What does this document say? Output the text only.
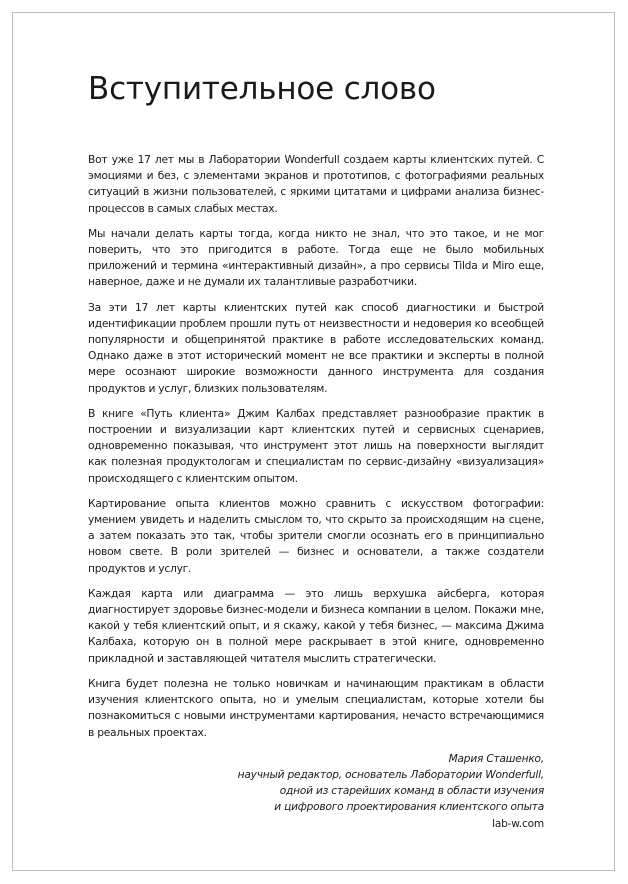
Вступительное слово

Вот уже 17 лет мы в Лаборатории Wonderfull создаем карты клиентских путей. С эмоциями и без, с элементами экранов и прототипов, с фотографиями реальных ситуаций в жизни пользователей, с яркими цитатами и цифрами анализа бизнес-процессов в самых слабых местах.

Мы начали делать карты тогда, когда никто не знал, что это такое, и не мог поверить, что это пригодится в работе. Тогда еще не было мобильных приложений и термина «интерактивный дизайн», а про сервисы Tilda и Miro еще, наверное, даже и не думали их талантливые разработчики.

За эти 17 лет карты клиентских путей как способ диагностики и быстрой идентификации проблем прошли путь от неизвестности и недоверия ко всеобщей популярности и общепринятой практике в работе исследовательских команд. Однако даже в этот исторический момент не все практики и эксперты в полной мере осознают широкие возможности данного инструмента для создания продуктов и услуг, близких пользователям.

В книге «Путь клиента» Джим Калбах представляет разнообразие практик в построении и визуализации карт клиентских путей и сервисных сценариев, одновременно показывая, что инструмент этот лишь на поверхности выглядит как полезная продуктологам и специалистам по сервис-дизайну «визуализация» происходящего с клиентским опытом.

Картирование опыта клиентов можно сравнить с искусством фотографии: умением увидеть и наделить смыслом то, что скрыто за происходящим на сцене, а затем показать это так, чтобы зрители смогли осознать его в принципиально новом свете. В роли зрителей — бизнес и основатели, а также создатели продуктов и услуг.

Каждая карта или диаграмма — это лишь верхушка айсберга, которая диагностирует здоровье бизнес-модели и бизнеса компании в целом. Покажи мне, какой у тебя клиентский опыт, и я скажу, какой у тебя бизнес, — максима Джима Калбаха, которую он в полной мере раскрывает в этой книге, одновременно прикладной и заставляющей читателя мыслить стратегически.

Книга будет полезна не только новичкам и начинающим практикам в области изучения клиентского опыта, но и умелым специалистам, которые хотели бы познакомиться с новыми инструментами картирования, нечасто встречающимися в реальных проектах.

Мария Сташенко,
научный редактор, основатель Лаборатории Wonderfull,
одной из старейших команд в области изучения
и цифрового проектирования клиентского опыта
lab-w.com
